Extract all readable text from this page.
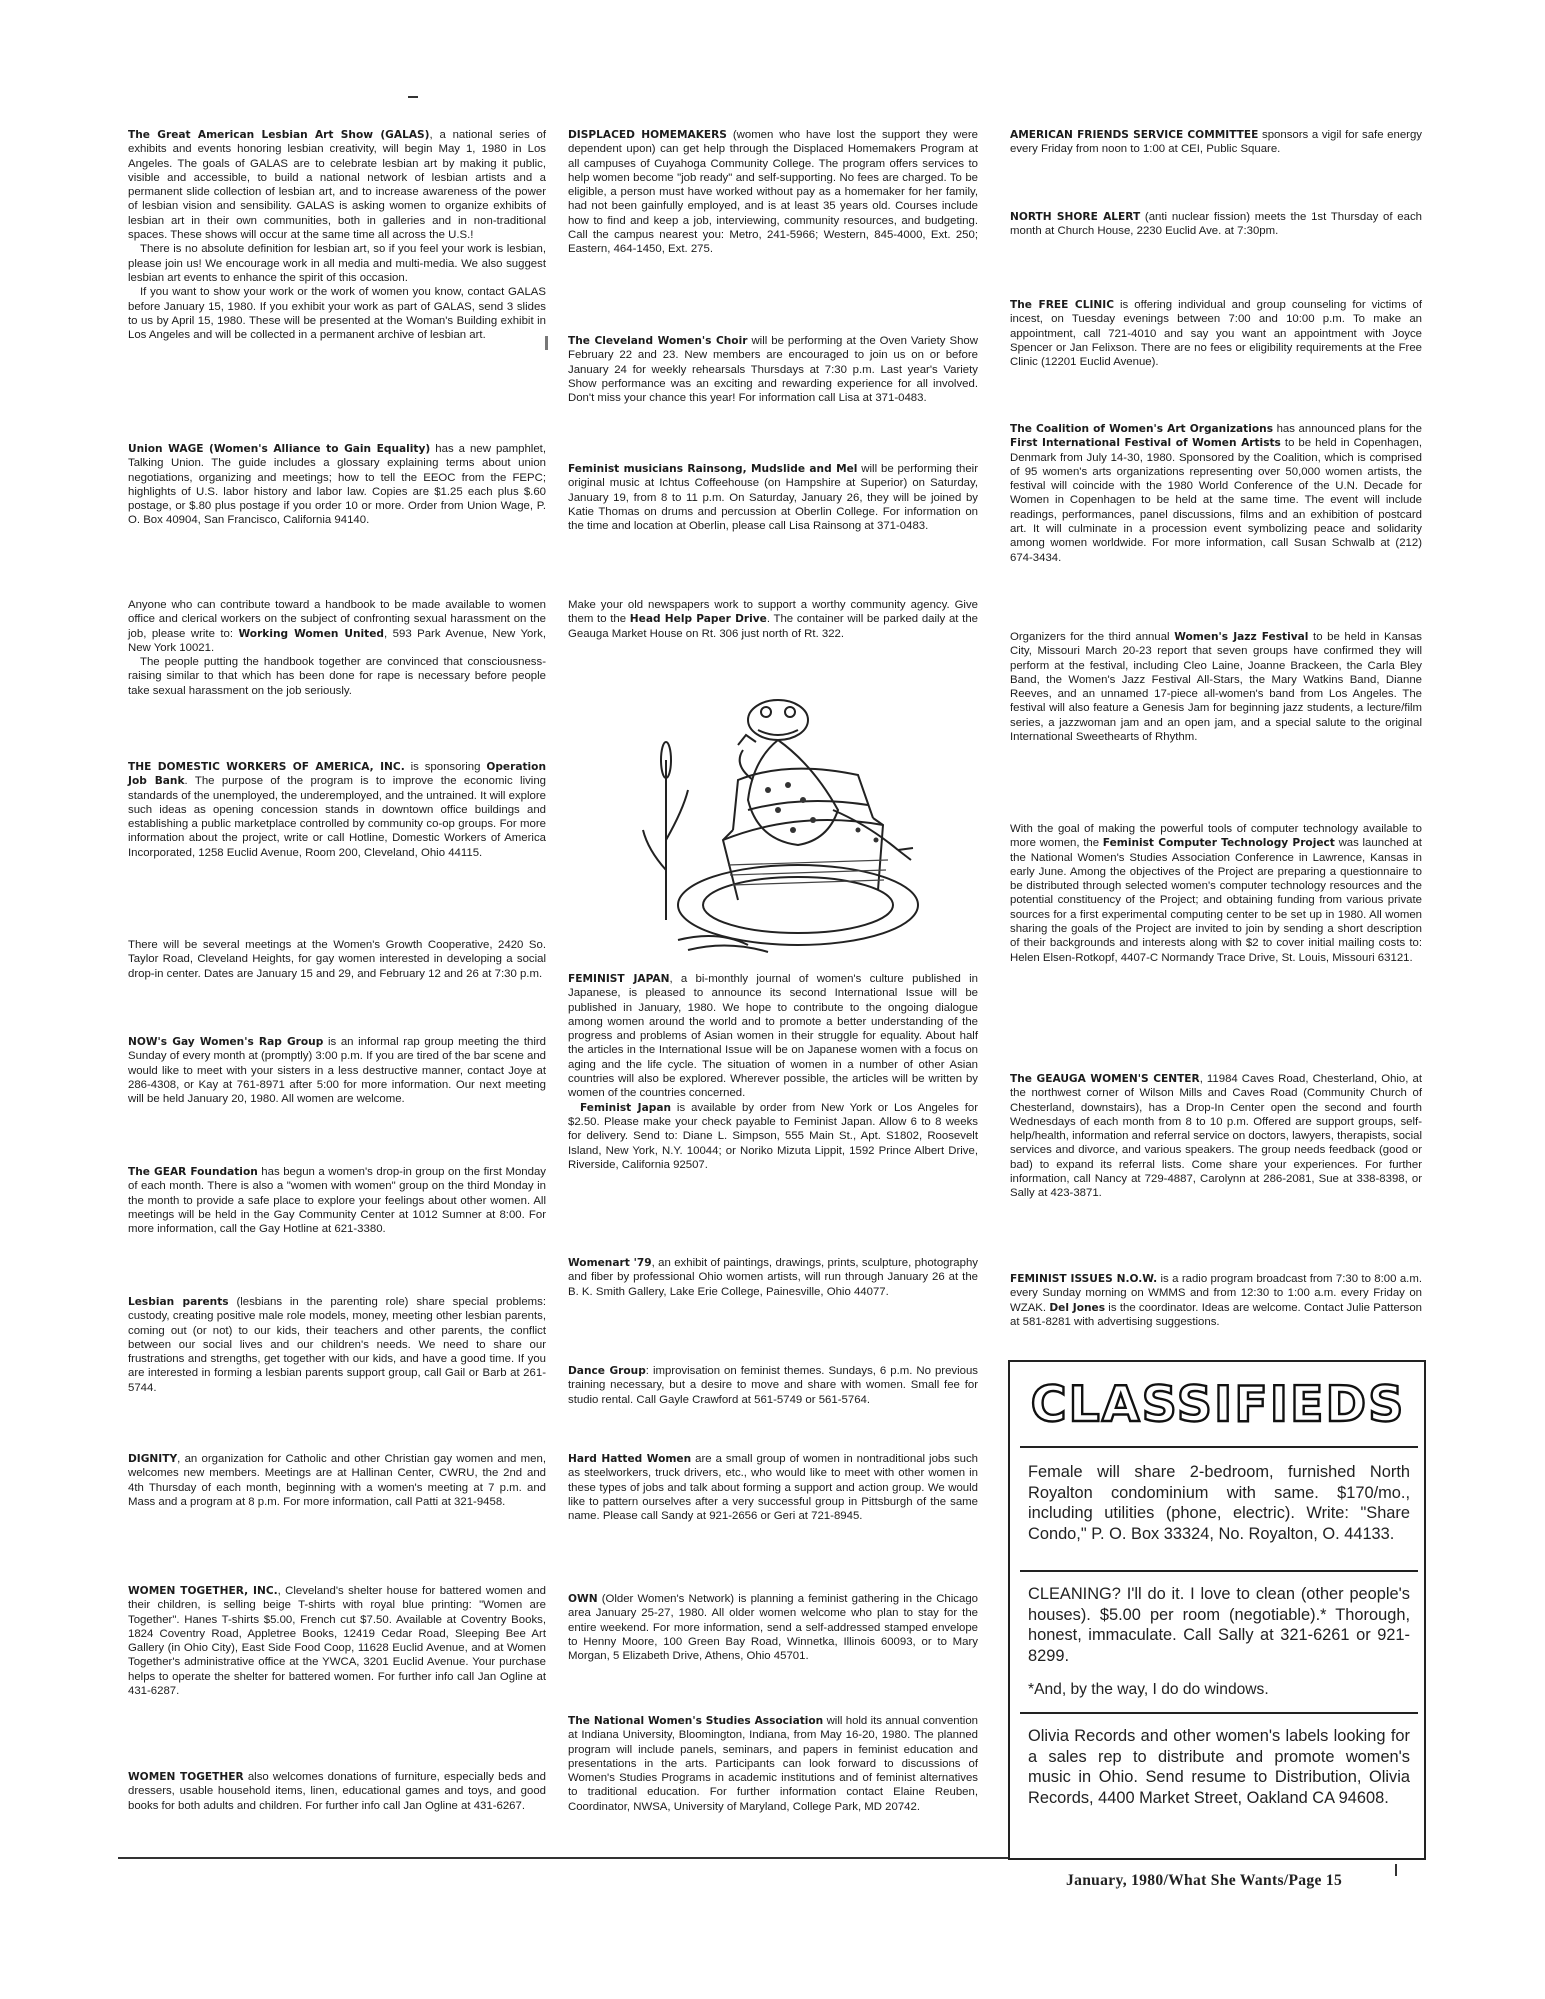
The Great American Lesbian Art Show (GALAS), a national series of exhibits and events honoring lesbian creativity, will begin May 1, 1980 in Los Angeles. The goals of GALAS are to celebrate lesbian art by making it public, visible and accessible, to build a national network of lesbian artists and a permanent slide collection of lesbian art, and to increase awareness of the power of lesbian vision and sensibility. GALAS is asking women to organize exhibits of lesbian art in their own communities, both in galleries and in non-traditional spaces. These shows will occur at the same time all across the U.S.!

There is no absolute definition for lesbian art, so if you feel your work is lesbian, please join us! We encourage work in all media and multi-media. We also suggest lesbian art events to enhance the spirit of this occasion.

If you want to show your work or the work of women you know, contact GALAS before January 15, 1980. If you exhibit your work as part of GALAS, send 3 slides to us by April 15, 1980. These will be presented at the Woman's Building exhibit in Los Angeles and will be collected in a permanent archive of lesbian art.

Union WAGE (Women's Alliance to Gain Equality) has a new pamphlet, Talking Union. The guide includes a glossary explaining terms about union negotiations, organizing and meetings; how to tell the EEOC from the FEPC; highlights of U.S. labor history and labor law. Copies are $1.25 each plus $.60 postage, or $.80 plus postage if you order 10 or more. Order from Union Wage, P. O. Box 40904, San Francisco, California 94140.

Anyone who can contribute toward a handbook to be made available to women office and clerical workers on the subject of confronting sexual harassment on the job, please write to: Working Women United, 593 Park Avenue, New York, New York 10021.

The people putting the handbook together are convinced that consciousness-raising similar to that which has been done for rape is necessary before people take sexual harassment on the job seriously.

THE DOMESTIC WORKERS OF AMERICA, INC. is sponsoring Operation Job Bank. The purpose of the program is to improve the economic living standards of the unemployed, the underemployed, and the untrained. It will explore such ideas as opening concession stands in downtown office buildings and establishing a public marketplace controlled by community co-op groups. For more information about the project, write or call Hotline, Domestic Workers of America Incorporated, 1258 Euclid Avenue, Room 200, Cleveland, Ohio 44115.

There will be several meetings at the Women's Growth Cooperative, 2420 So. Taylor Road, Cleveland Heights, for gay women interested in developing a social drop-in center. Dates are January 15 and 29, and February 12 and 26 at 7:30 p.m.

NOW's Gay Women's Rap Group is an informal rap group meeting the third Sunday of every month at (promptly) 3:00 p.m. If you are tired of the bar scene and would like to meet with your sisters in a less destructive manner, contact Joye at 286-4308, or Kay at 761-8971 after 5:00 for more information. Our next meeting will be held January 20, 1980. All women are welcome.

The GEAR Foundation has begun a women's drop-in group on the first Monday of each month. There is also a "women with women" group on the third Monday in the month to provide a safe place to explore your feelings about other women. All meetings will be held in the Gay Community Center at 1012 Sumner at 8:00. For more information, call the Gay Hotline at 621-3380.

Lesbian parents (lesbians in the parenting role) share special problems: custody, creating positive male role models, money, meeting other lesbian parents, coming out (or not) to our kids, their teachers and other parents, the conflict between our social lives and our children's needs. We need to share our frustrations and strengths, get together with our kids, and have a good time. If you are interested in forming a lesbian parents support group, call Gail or Barb at 261-5744.

DIGNITY, an organization for Catholic and other Christian gay women and men, welcomes new members. Meetings are at Hallinan Center, CWRU, the 2nd and 4th Thursday of each month, beginning with a women's meeting at 7 p.m. and Mass and a program at 8 p.m. For more information, call Patti at 321-9458.

WOMEN TOGETHER, INC., Cleveland's shelter house for battered women and their children, is selling beige T-shirts with royal blue printing: "Women are Together". Hanes T-shirts $5.00, French cut $7.50. Available at Coventry Books, 1824 Coventry Road, Appletree Books, 12419 Cedar Road, Sleeping Bee Art Gallery (in Ohio City), East Side Food Coop, 11628 Euclid Avenue, and at Women Together's administrative office at the YWCA, 3201 Euclid Avenue. Your purchase helps to operate the shelter for battered women. For further info call Jan Ogline at 431-6287.

WOMEN TOGETHER also welcomes donations of furniture, especially beds and dressers, usable household items, linen, educational games and toys, and good books for both adults and children. For further info call Jan Ogline at 431-6267.

DISPLACED HOMEMAKERS (women who have lost the support they were dependent upon) can get help through the Displaced Homemakers Program at all campuses of Cuyahoga Community College. The program offers services to help women become "job ready" and self-supporting. No fees are charged. To be eligible, a person must have worked without pay as a homemaker for her family, had not been gainfully employed, and is at least 35 years old. Courses include how to find and keep a job, interviewing, community resources, and budgeting. Call the campus nearest you: Metro, 241-5966; Western, 845-4000, Ext. 250; Eastern, 464-1450, Ext. 275.

The Cleveland Women's Choir will be performing at the Oven Variety Show February 22 and 23. New members are encouraged to join us on or before January 24 for weekly rehearsals Thursdays at 7:30 p.m. Last year's Variety Show performance was an exciting and rewarding experience for all involved. Don't miss your chance this year! For information call Lisa at 371-0483.

Feminist musicians Rainsong, Mudslide and Mel will be performing their original music at Ichtus Coffeehouse (on Hampshire at Superior) on Saturday, January 19, from 8 to 11 p.m. On Saturday, January 26, they will be joined by Katie Thomas on drums and percussion at Oberlin College. For information on the time and location at Oberlin, please call Lisa Rainsong at 371-0483.

Make your old newspapers work to support a worthy community agency. Give them to the Head Help Paper Drive. The container will be parked daily at the Geauga Market House on Rt. 306 just north of Rt. 322.

FEMINIST JAPAN, a bi-monthly journal of women's culture published in Japanese, is pleased to announce its second International Issue will be published in January, 1980. We hope to contribute to the ongoing dialogue among women around the world and to promote a better understanding of the progress and problems of Asian women in their struggle for equality. About half the articles in the International Issue will be on Japanese women with a focus on aging and the life cycle. The situation of women in a number of other Asian countries will also be explored. Wherever possible, the articles will be written by women of the countries concerned.

Feminist Japan is available by order from New York or Los Angeles for $2.50. Please make your check payable to Feminist Japan. Allow 6 to 8 weeks for delivery. Send to: Diane L. Simpson, 555 Main St., Apt. S1802, Roosevelt Island, New York, N.Y. 10044; or Noriko Mizuta Lippit, 1592 Prince Albert Drive, Riverside, California 92507.

Womenart '79, an exhibit of paintings, drawings, prints, sculpture, photography and fiber by professional Ohio women artists, will run through January 26 at the B. K. Smith Gallery, Lake Erie College, Painesville, Ohio 44077.

Dance Group: improvisation on feminist themes. Sundays, 6 p.m. No previous training necessary, but a desire to move and share with women. Small fee for studio rental. Call Gayle Crawford at 561-5749 or 561-5764.

Hard Hatted Women are a small group of women in nontraditional jobs such as steelworkers, truck drivers, etc., who would like to meet with other women in these types of jobs and talk about forming a support and action group. We would like to pattern ourselves after a very successful group in Pittsburgh of the same name. Please call Sandy at 921-2656 or Geri at 721-8945.

OWN (Older Women's Network) is planning a feminist gathering in the Chicago area January 25-27, 1980. All older women welcome who plan to stay for the entire weekend. For more information, send a self-addressed stamped envelope to Henny Moore, 100 Green Bay Road, Winnetka, Illinois 60093, or to Mary Morgan, 5 Elizabeth Drive, Athens, Ohio 45701.

The National Women's Studies Association will hold its annual convention at Indiana University, Bloomington, Indiana, from May 16-20, 1980. The planned program will include panels, seminars, and papers in feminist education and presentations in the arts. Participants can look forward to discussions of Women's Studies Programs in academic institutions and of feminist alternatives to traditional education. For further information contact Elaine Reuben, Coordinator, NWSA, University of Maryland, College Park, MD 20742.

AMERICAN FRIENDS SERVICE COMMITTEE sponsors a vigil for safe energy every Friday from noon to 1:00 at CEI, Public Square.

NORTH SHORE ALERT (anti nuclear fission) meets the 1st Thursday of each month at Church House, 2230 Euclid Ave. at 7:30pm.

The FREE CLINIC is offering individual and group counseling for victims of incest, on Tuesday evenings between 7:00 and 10:00 p.m. To make an appointment, call 721-4010 and say you want an appointment with Joyce Spencer or Jan Felixson. There are no fees or eligibility requirements at the Free Clinic (12201 Euclid Avenue).

The Coalition of Women's Art Organizations has announced plans for the First International Festival of Women Artists to be held in Copenhagen, Denmark from July 14-30, 1980. Sponsored by the Coalition, which is comprised of 95 women's arts organizations representing over 50,000 women artists, the festival will coincide with the 1980 World Conference of the U.N. Decade for Women in Copenhagen to be held at the same time. The event will include readings, performances, panel discussions, films and an exhibition of postcard art. It will culminate in a procession event symbolizing peace and solidarity among women worldwide. For more information, call Susan Schwalb at (212) 674-3434.

Organizers for the third annual Women's Jazz Festival to be held in Kansas City, Missouri March 20-23 report that seven groups have confirmed they will perform at the festival, including Cleo Laine, Joanne Brackeen, the Carla Bley Band, the Women's Jazz Festival All-Stars, the Mary Watkins Band, Dianne Reeves, and an unnamed 17-piece all-women's band from Los Angeles. The festival will also feature a Genesis Jam for beginning jazz students, a lecture/film series, a jazzwoman jam and an open jam, and a special salute to the original International Sweethearts of Rhythm.

With the goal of making the powerful tools of computer technology available to more women, the Feminist Computer Technology Project was launched at the National Women's Studies Association Conference in Lawrence, Kansas in early June. Among the objectives of the Project are preparing a questionnaire to be distributed through selected women's computer technology resources and the potential constituency of the Project; and obtaining funding from various private sources for a first experimental computing center to be set up in 1980. All women sharing the goals of the Project are invited to join by sending a short description of their backgrounds and interests along with $2 to cover initial mailing costs to: Helen Elsen-Rotkopf, 4407-C Normandy Trace Drive, St. Louis, Missouri 63121.

The GEAUGA WOMEN'S CENTER, 11984 Caves Road, Chesterland, Ohio, at the northwest corner of Wilson Mills and Caves Road (Community Church of Chesterland, downstairs), has a Drop-In Center open the second and fourth Wednesdays of each month from 8 to 10 p.m. Offered are support groups, self-help/health, information and referral service on doctors, lawyers, therapists, social services and divorce, and various speakers. The group needs feedback (good or bad) to expand its referral lists. Come share your experiences. For further information, call Nancy at 729-4887, Carolynn at 286-2081, Sue at 338-8398, or Sally at 423-3871.

FEMINIST ISSUES N.O.W. is a radio program broadcast from 7:30 to 8:00 a.m. every Sunday morning on WMMS and from 12:30 to 1:00 a.m. every Friday on WZAK. Del Jones is the coordinator. Ideas are welcome. Contact Julie Patterson at 581-8281 with advertising suggestions.

CLASSIFIEDS
Female will share 2-bedroom, furnished North Royalton condominium with same. $170/mo., including utilities (phone, electric). Write: "Share Condo," P. O. Box 33324, No. Royalton, O. 44133.
CLEANING? I'll do it. I love to clean (other people's houses). $5.00 per room (negotiable).* Thorough, honest, immaculate. Call Sally at 321-6261 or 921-8299.
*And, by the way, I do do windows.
Olivia Records and other women's labels looking for a sales rep to distribute and promote women's music in Ohio. Send resume to Distribution, Olivia Records, 4400 Market Street, Oakland CA 94608.
January, 1980/What She Wants/Page 15
